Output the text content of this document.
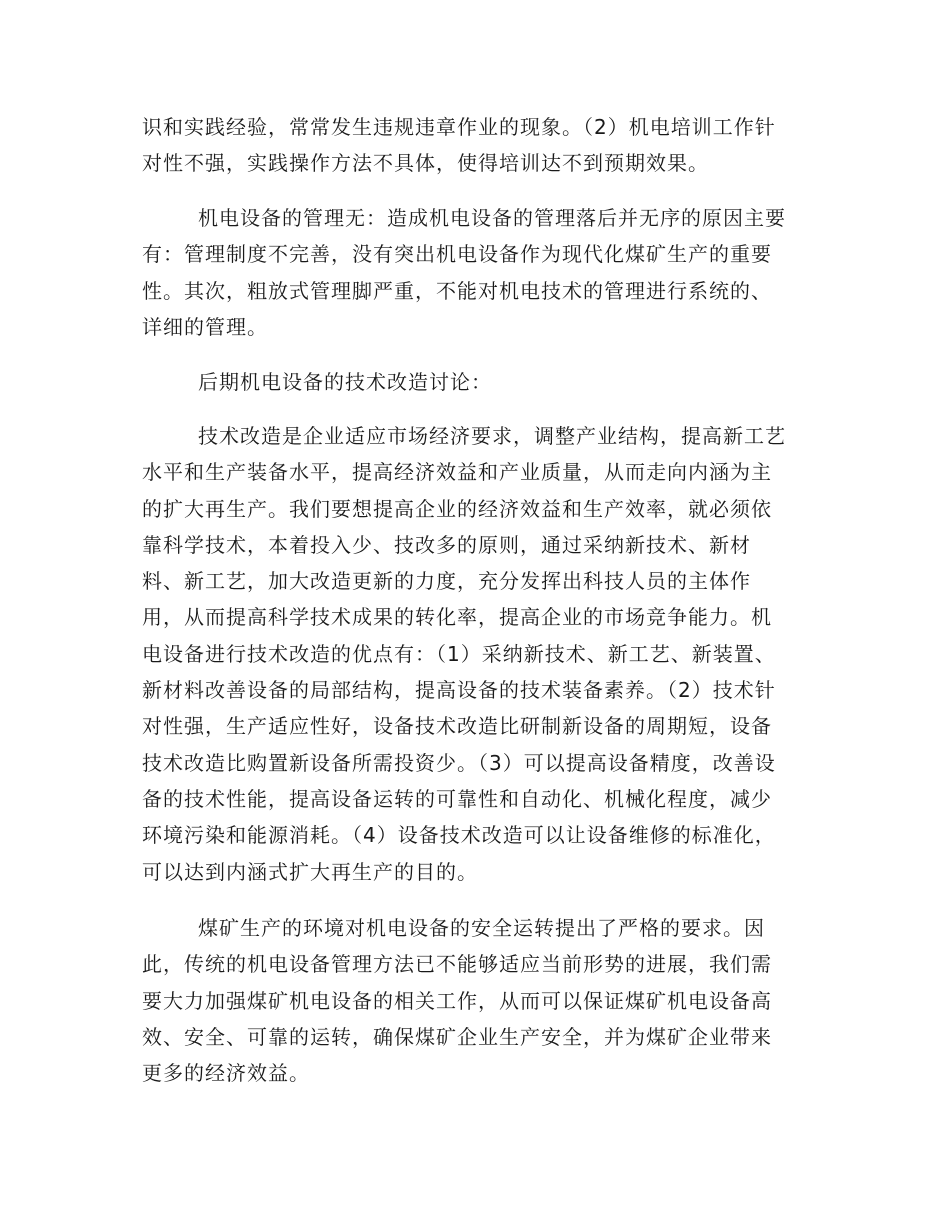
识和实践经验，常常发生违规违章作业的现象。（2）机电培训工作针
对性不强，实践操作方法不具体，使得培训达不到预期效果。

机电设备的管理无：造成机电设备的管理落后并无序的原因主要
有：管理制度不完善，没有突出机电设备作为现代化煤矿生产的重要
性。其次，粗放式管理脚严重，不能对机电技术的管理进行系统的、
详细的管理。

后期机电设备的技术改造讨论：

技术改造是企业适应市场经济要求，调整产业结构，提高新工艺
水平和生产装备水平，提高经济效益和产业质量，从而走向内涵为主
的扩大再生产。我们要想提高企业的经济效益和生产效率，就必须依
靠科学技术，本着投入少、技改多的原则，通过采纳新技术、新材
料、新工艺，加大改造更新的力度，充分发挥出科技人员的主体作
用，从而提高科学技术成果的转化率，提高企业的市场竞争能力。机
电设备进行技术改造的优点有：（1）采纳新技术、新工艺、新装置、
新材料改善设备的局部结构，提高设备的技术装备素养。（2）技术针
对性强，生产适应性好，设备技术改造比研制新设备的周期短，设备
技术改造比购置新设备所需投资少。（3）可以提高设备精度，改善设
备的技术性能，提高设备运转的可靠性和自动化、机械化程度，减少
环境污染和能源消耗。（4）设备技术改造可以让设备维修的标准化，
可以达到内涵式扩大再生产的目的。

煤矿生产的环境对机电设备的安全运转提出了严格的要求。因
此，传统的机电设备管理方法已不能够适应当前形势的进展，我们需
要大力加强煤矿机电设备的相关工作，从而可以保证煤矿机电设备高
效、安全、可靠的运转，确保煤矿企业生产安全，并为煤矿企业带来
更多的经济效益。
